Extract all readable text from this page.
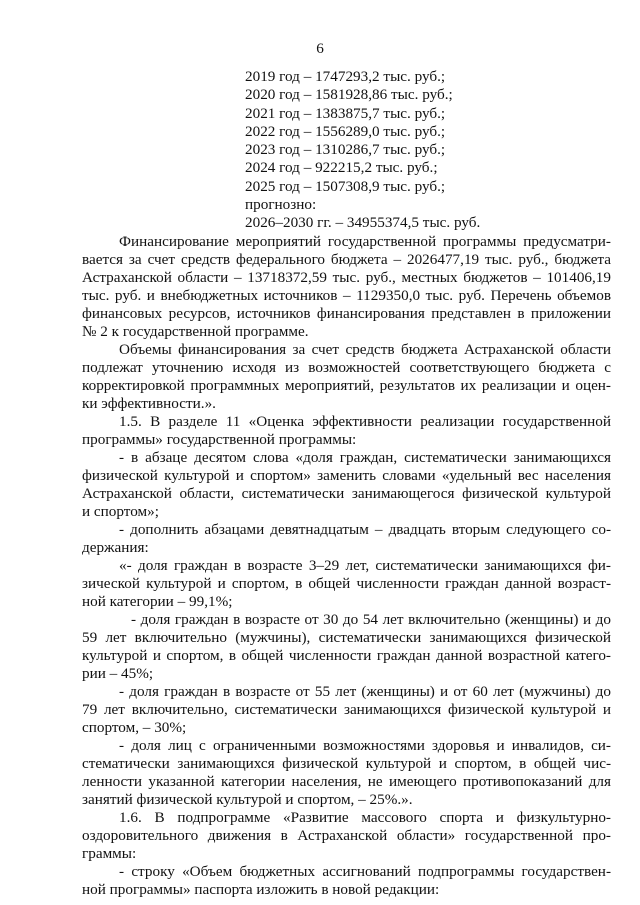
6
2019 год – 1747293,2 тыс. руб.;
2020 год – 1581928,86 тыс. руб.;
2021 год – 1383875,7 тыс. руб.;
2022 год – 1556289,0 тыс. руб.;
2023 год – 1310286,7 тыс. руб.;
2024 год – 922215,2 тыс. руб.;
2025 год – 1507308,9 тыс. руб.;
прогнозно:
2026–2030 гг. – 34955374,5 тыс. руб.
Финансирование мероприятий государственной программы предусматри-
вается за счет средств федерального бюджета – 2026477,19 тыс. руб., бюджета
Астраханской области – 13718372,59 тыс. руб., местных бюджетов – 101406,19
тыс. руб. и внебюджетных источников – 1129350,0 тыс. руб. Перечень объемов
финансовых ресурсов, источников финансирования представлен в приложении
№ 2 к государственной программе.
Объемы финансирования за счет средств бюджета Астраханской области
подлежат уточнению исходя из возможностей соответствующего бюджета с
корректировкой программных мероприятий, результатов их реализации и оцен-
ки эффективности.».
1.5. В разделе 11 «Оценка эффективности реализации государственной
программы» государственной программы:
- в абзаце десятом слова «доля граждан, систематически занимающихся
физической культурой и спортом» заменить словами «удельный вес населения
Астраханской области, систематически занимающегося физической культурой
и спортом»;
- дополнить абзацами девятнадцатым – двадцать вторым следующего со-
держания:
«- доля граждан в возрасте 3–29 лет, систематически занимающихся фи-
зической культурой и спортом, в общей численности граждан данной возраст-
ной категории – 99,1%;
- доля граждан в возрасте от 30 до 54 лет включительно (женщины) и до
59 лет включительно (мужчины), систематически занимающихся физической
культурой и спортом, в общей численности граждан данной возрастной катего-
рии – 45%;
- доля граждан в возрасте от 55 лет (женщины) и от 60 лет (мужчины) до
79 лет включительно, систематически занимающихся физической культурой и
спортом, – 30%;
- доля лиц с ограниченными возможностями здоровья и инвалидов, си-
стематически занимающихся физической культурой и спортом, в общей чис-
ленности указанной категории населения, не имеющего противопоказаний для
занятий физической культурой и спортом, – 25%.».
1.6. В подпрограмме «Развитие массового спорта и физкультурно-
оздоровительного движения в Астраханской области» государственной про-
граммы:
- строку «Объем бюджетных ассигнований подпрограммы государствен-
ной программы» паспорта изложить в новой редакции:
